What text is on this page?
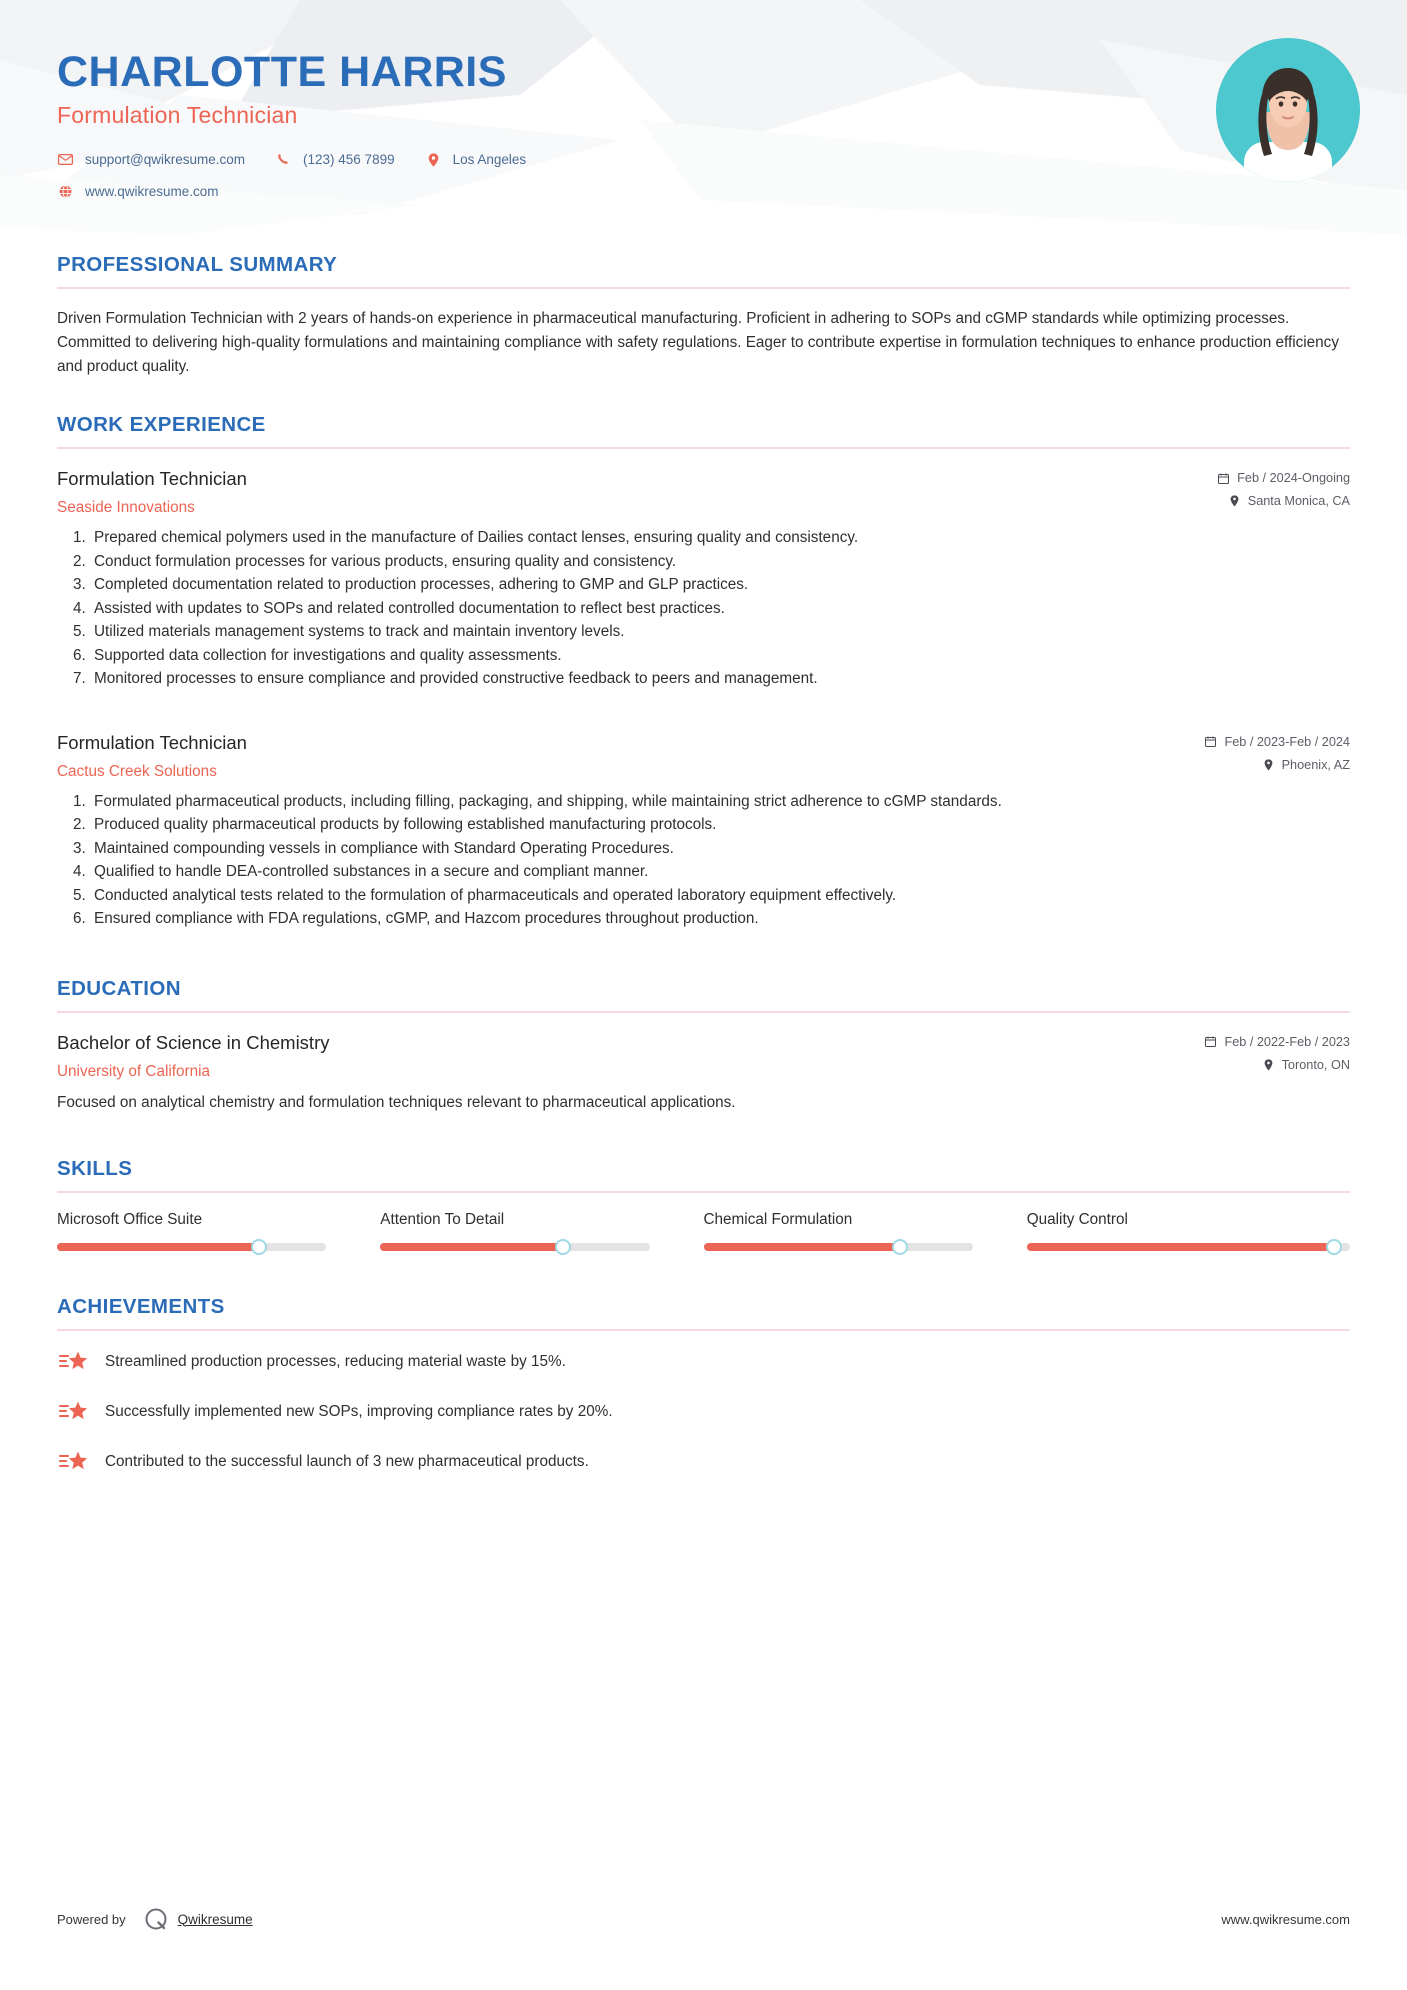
CHARLOTTE HARRIS
Formulation Technician
support@qwikresume.com	(123) 456 7899	Los Angeles
www.qwikresume.com
PROFESSIONAL SUMMARY
Driven Formulation Technician with 2 years of hands-on experience in pharmaceutical manufacturing. Proficient in adhering to SOPs and cGMP standards while optimizing processes. Committed to delivering high-quality formulations and maintaining compliance with safety regulations. Eager to contribute expertise in formulation techniques to enhance production efficiency and product quality.
WORK EXPERIENCE
Formulation Technician
Seaside Innovations
Feb / 2024-Ongoing
Santa Monica, CA
1. Prepared chemical polymers used in the manufacture of Dailies contact lenses, ensuring quality and consistency.
2. Conduct formulation processes for various products, ensuring quality and consistency.
3. Completed documentation related to production processes, adhering to GMP and GLP practices.
4. Assisted with updates to SOPs and related controlled documentation to reflect best practices.
5. Utilized materials management systems to track and maintain inventory levels.
6. Supported data collection for investigations and quality assessments.
7. Monitored processes to ensure compliance and provided constructive feedback to peers and management.
Formulation Technician
Cactus Creek Solutions
Feb / 2023-Feb / 2024
Phoenix, AZ
1. Formulated pharmaceutical products, including filling, packaging, and shipping, while maintaining strict adherence to cGMP standards.
2. Produced quality pharmaceutical products by following established manufacturing protocols.
3. Maintained compounding vessels in compliance with Standard Operating Procedures.
4. Qualified to handle DEA-controlled substances in a secure and compliant manner.
5. Conducted analytical tests related to the formulation of pharmaceuticals and operated laboratory equipment effectively.
6. Ensured compliance with FDA regulations, cGMP, and Hazcom procedures throughout production.
EDUCATION
Bachelor of Science in Chemistry
University of California
Feb / 2022-Feb / 2023
Toronto, ON
Focused on analytical chemistry and formulation techniques relevant to pharmaceutical applications.
SKILLS
Microsoft Office Suite	Attention To Detail	Chemical Formulation	Quality Control
ACHIEVEMENTS
Streamlined production processes, reducing material waste by 15%.
Successfully implemented new SOPs, improving compliance rates by 20%.
Contributed to the successful launch of 3 new pharmaceutical products.
Powered by	Qwikresume	www.qwikresume.com
